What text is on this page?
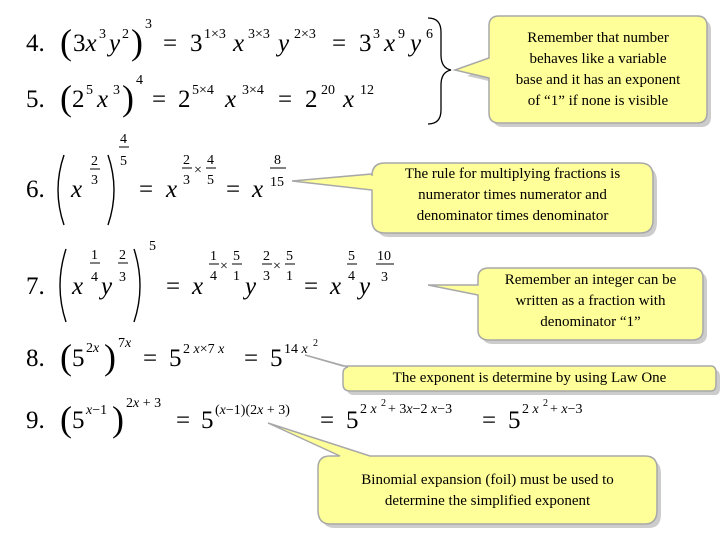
Remember that number
behaves like a variable
base and it has an exponent
of “1” if none is visible
The rule for multiplying fractions is
numerator times numerator and
denominator times denominator
Remember an integer can be
written as a fraction with
denominator “1”
The exponent is determine by using Law One
Binomial expansion (foil) must be used to
determine the simplified exponent
4. ( 3x 3 y 2 ) 3
= 3 1×3 x 3×3 y 2×3 = 3 3 x 9 y 6
5. ( 2 5 x 3 ) 4
= 2 5×4 x 3×4 = 2 20 x 12
6. x
2
3
4
5
= x
2
3
×
4
5 = x
8
15
7. x
1
4 y
2
3
5
= x
1
4
×
5
1 y
2
3
×
5
1 = x
5
4 y
10
3
8. ( 5 2x ) 7x
= 5 2 x×7 x = 5 14 x 2
9. ( 5 x−1 ) 2x + 3
= 5 (x−1)(2x + 3) = 5 2 x 2 + 3x−2 x−3 = 5 2 x 2 + x−3
